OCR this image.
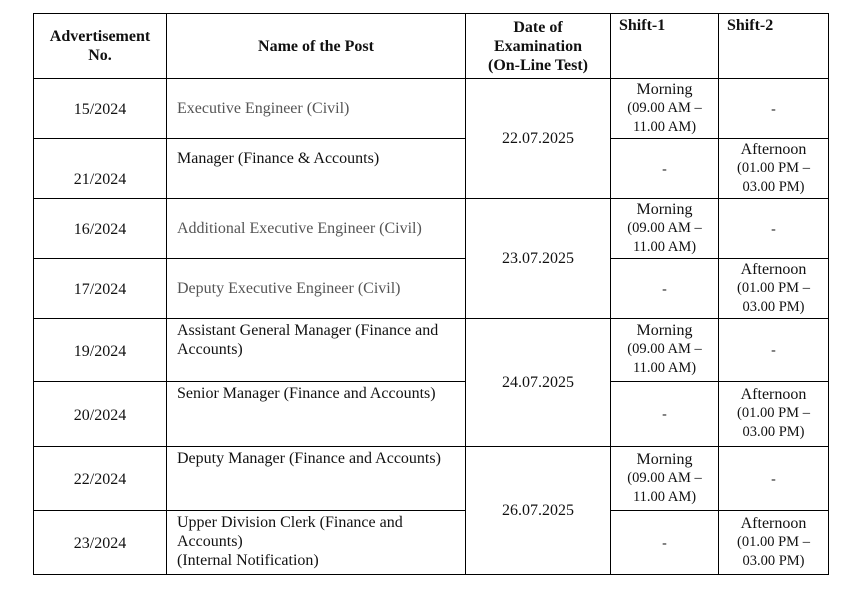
Advertisement
No.	Name of the Post	Date of
Examination
(On-Line Test)	Shift-1	Shift-2
15/2024	Executive Engineer (Civil)	22.07.2025	Morning
(09.00 AM –
11.00 AM)	-
21/2024	Manager (Finance & Accounts)		-	Afternoon
(01.00 PM –
03.00 PM)

16/2024	Additional Executive Engineer (Civil)	23.07.2025	Morning
(09.00 AM –
11.00 AM)	-
17/2024	Deputy Executive Engineer (Civil)		-	Afternoon
(01.00 PM –
03.00 PM)

19/2024	Assistant General Manager (Finance and Accounts)	24.07.2025	Morning
(09.00 AM –
11.00 AM)	-
20/2024	Senior Manager (Finance and Accounts)		-	Afternoon
(01.00 PM –
03.00 PM)

22/2024	Deputy Manager (Finance and Accounts)	26.07.2025	Morning
(09.00 AM –
11.00 AM)	-
23/2024	Upper Division Clerk (Finance and Accounts)
(Internal Notification)		-	Afternoon
(01.00 PM –
03.00 PM)
